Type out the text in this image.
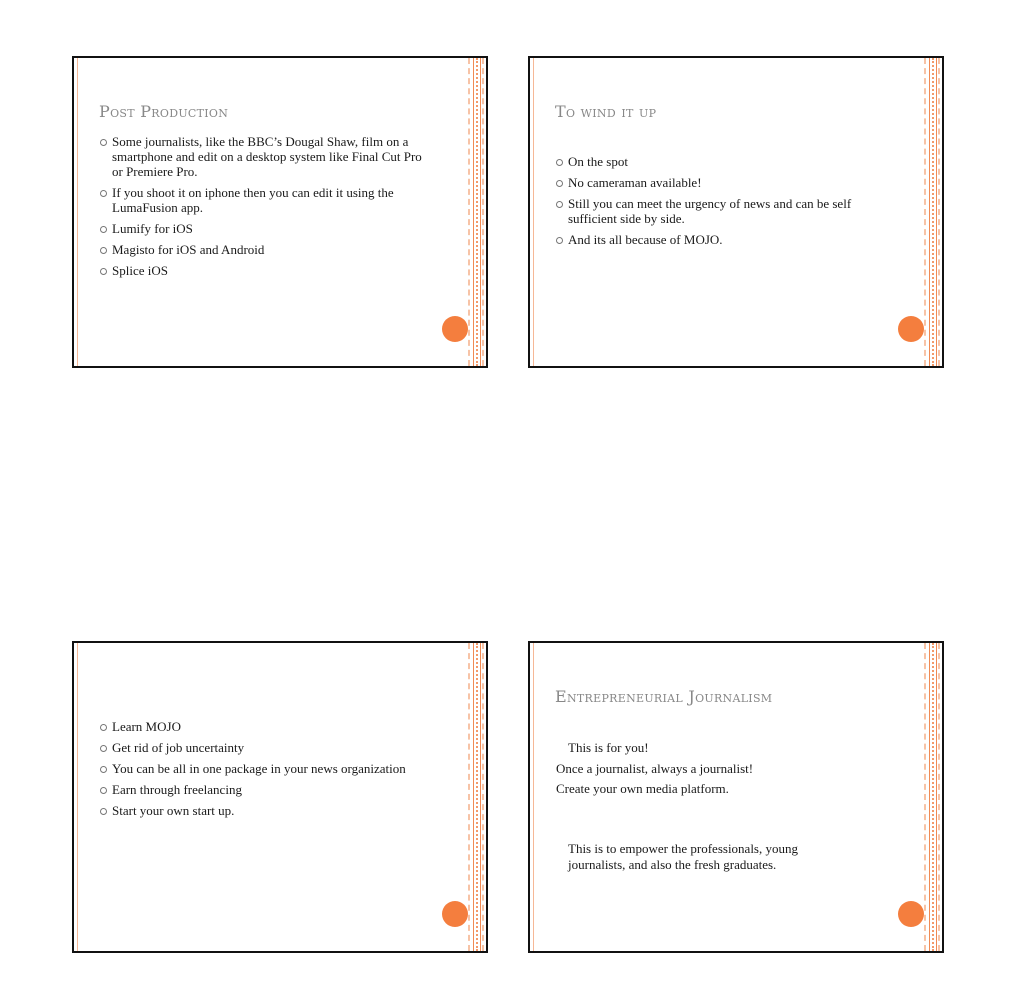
Post Production
Some journalists, like the BBC’s Dougal Shaw, film on a smartphone and edit on a desktop system like Final Cut Pro or Premiere Pro.
If you shoot it on iphone then you can edit it using the LumaFusion app.
Lumify for iOS
Magisto for iOS and Android
Splice iOS
To wind it up
On the spot
No cameraman available!
Still you can meet the urgency of news and can be self sufficient side by side.
And its all because of MOJO.
Learn MOJO
Get rid of job uncertainty
You can be all in one package in your news organization
Earn through freelancing
Start your own start up.
Entrepreneurial Journalism
This is for you!
Once a journalist, always a journalist!
Create your own media platform.
This is to empower the professionals, young
journalists, and also the fresh graduates.
